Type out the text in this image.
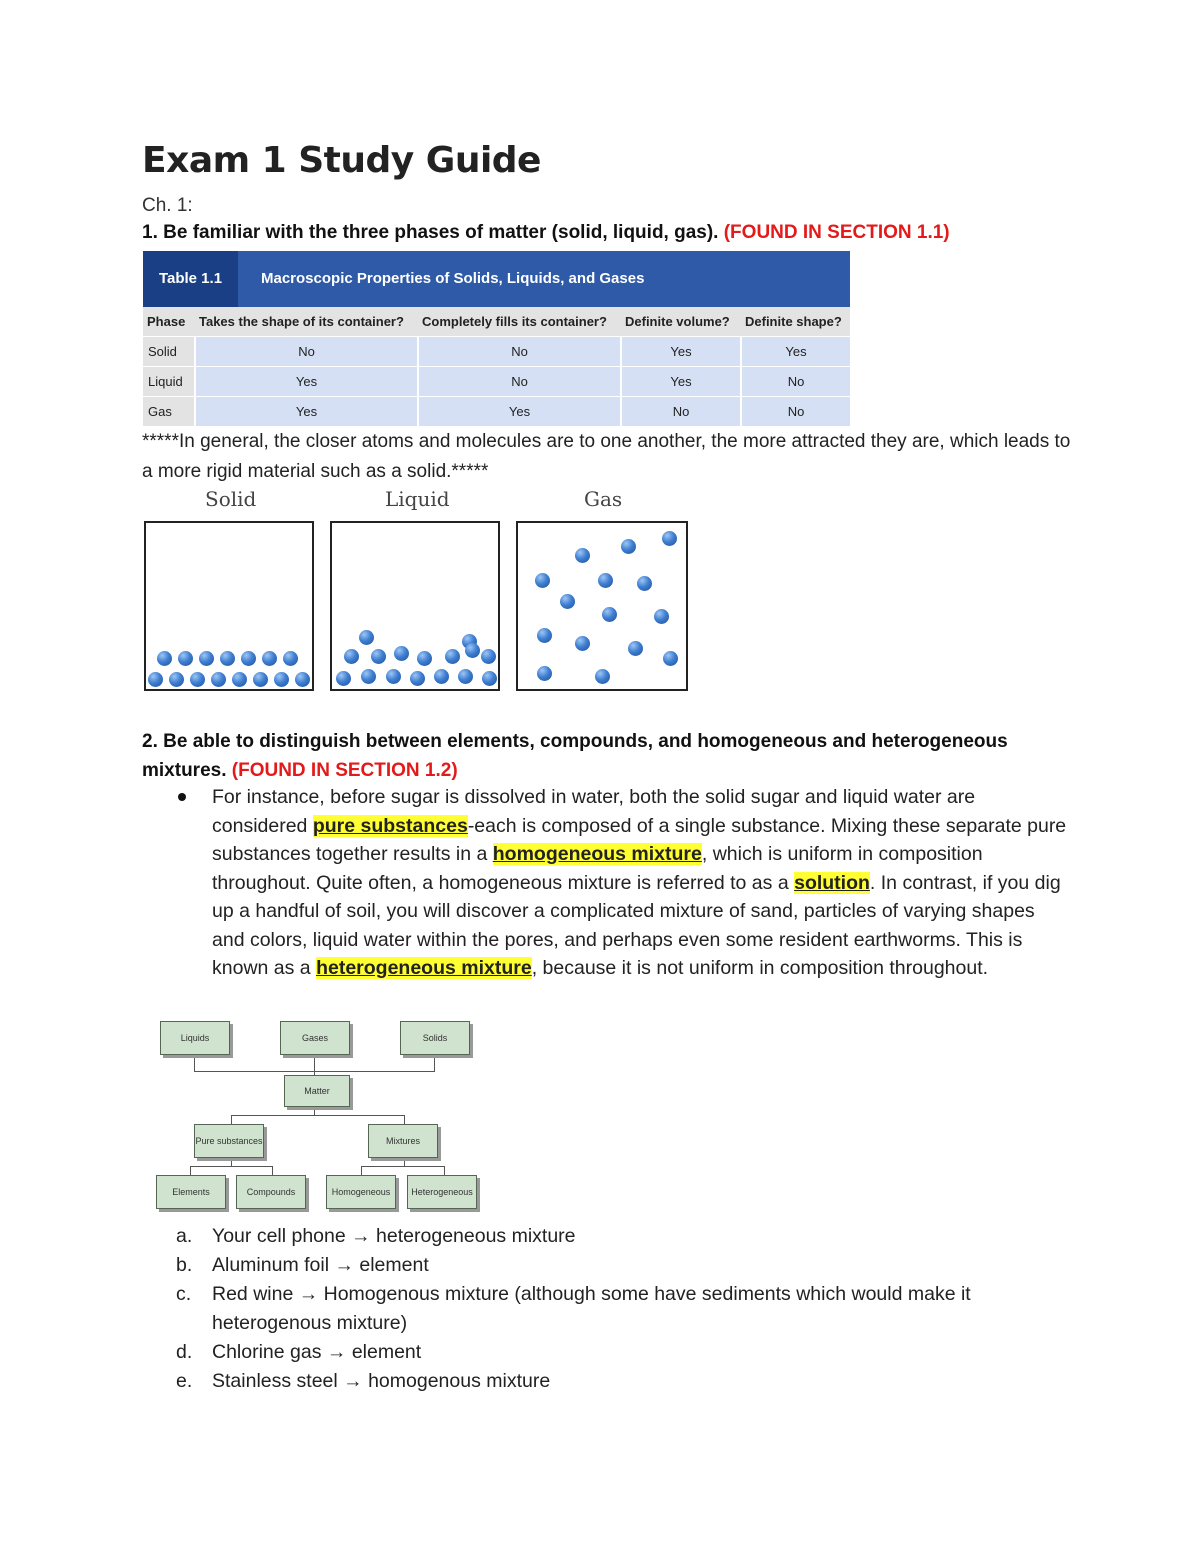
Exam 1 Study Guide
Ch. 1:
1. Be familiar with the three phases of matter (solid, liquid, gas). (FOUND IN SECTION 1.1)
Table 1.1	Macroscopic Properties of Solids, Liquids, and Gases
Phase	Takes the shape of its container?	Completely fills its container?	Definite volume?	Definite shape?
Solid	No	No	Yes	Yes
Liquid	Yes	No	Yes	No
Gas	Yes	Yes	No	No
*****In general, the closer atoms and molecules are to one another, the more attracted they are, which leads to a more rigid material such as a solid.*****
Solid	Liquid	Gas
2. Be able to distinguish between elements, compounds, and homogeneous and heterogeneous mixtures. (FOUND IN SECTION 1.2)
For instance, before sugar is dissolved in water, both the solid sugar and liquid water are considered pure substances-each is composed of a single substance. Mixing these separate pure substances together results in a homogeneous mixture, which is uniform in composition throughout. Quite often, a homogeneous mixture is referred to as a solution. In contrast, if you dig up a handful of soil, you will discover a complicated mixture of sand, particles of varying shapes and colors, liquid water within the pores, and perhaps even some resident earthworms. This is known as a heterogeneous mixture, because it is not uniform in composition throughout.
Liquids	Gases	Solids
Matter
Pure substances	Mixtures
Elements	Compounds	Homogeneous	Heterogeneous
a. Your cell phone → heterogeneous mixture
b. Aluminum foil → element
c. Red wine → Homogenous mixture (although some have sediments which would make it heterogenous mixture)
d. Chlorine gas → element
e. Stainless steel → homogenous mixture
